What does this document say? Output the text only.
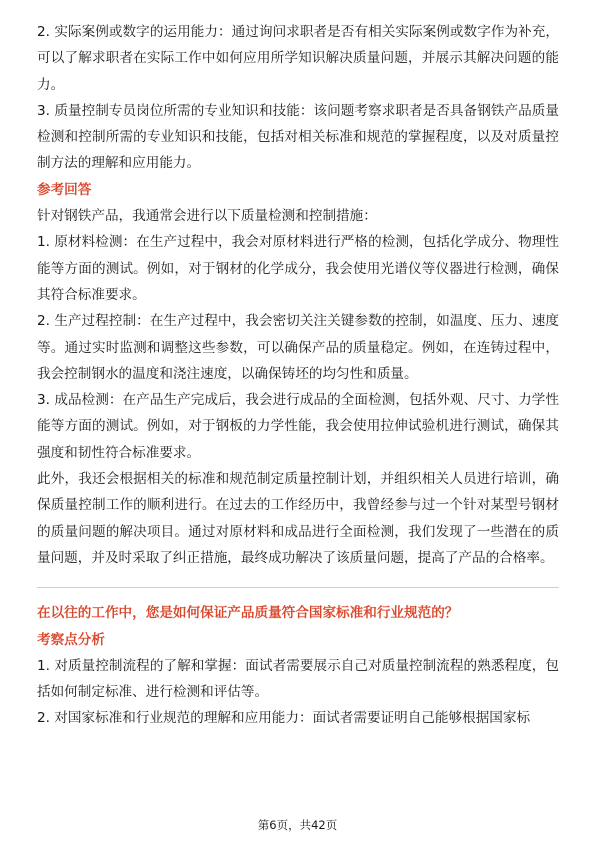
2. 实际案例或数字的运用能力：通过询问求职者是否有相关实际案例或数字作为补充，可以了解求职者在实际工作中如何应用所学知识解决质量问题，并展示其解决问题的能力。

3. 质量控制专员岗位所需的专业知识和技能：该问题考察求职者是否具备钢铁产品质量检测和控制所需的专业知识和技能，包括对相关标准和规范的掌握程度，以及对质量控制方法的理解和应用能力。

参考回答

针对钢铁产品，我通常会进行以下质量检测和控制措施：

1. 原材料检测：在生产过程中，我会对原材料进行严格的检测，包括化学成分、物理性能等方面的测试。例如，对于钢材的化学成分，我会使用光谱仪等仪器进行检测，确保其符合标准要求。

2. 生产过程控制：在生产过程中，我会密切关注关键参数的控制，如温度、压力、速度等。通过实时监测和调整这些参数，可以确保产品的质量稳定。例如，在连铸过程中，我会控制钢水的温度和浇注速度，以确保铸坯的均匀性和质量。

3. 成品检测：在产品生产完成后，我会进行成品的全面检测，包括外观、尺寸、力学性能等方面的测试。例如，对于钢板的力学性能，我会使用拉伸试验机进行测试，确保其强度和韧性符合标准要求。

此外，我还会根据相关的标准和规范制定质量控制计划，并组织相关人员进行培训，确保质量控制工作的顺利进行。在过去的工作经历中，我曾经参与过一个针对某型号钢材的质量问题的解决项目。通过对原材料和成品进行全面检测，我们发现了一些潜在的质量问题，并及时采取了纠正措施，最终成功解决了该质量问题，提高了产品的合格率。

在以往的工作中，您是如何保证产品质量符合国家标准和行业规范的？

考察点分析

1. 对质量控制流程的了解和掌握：面试者需要展示自己对质量控制流程的熟悉程度，包括如何制定标准、进行检测和评估等。

2. 对国家标准和行业规范的理解和应用能力：面试者需要证明自己能够根据国家标

第6页，共42页
